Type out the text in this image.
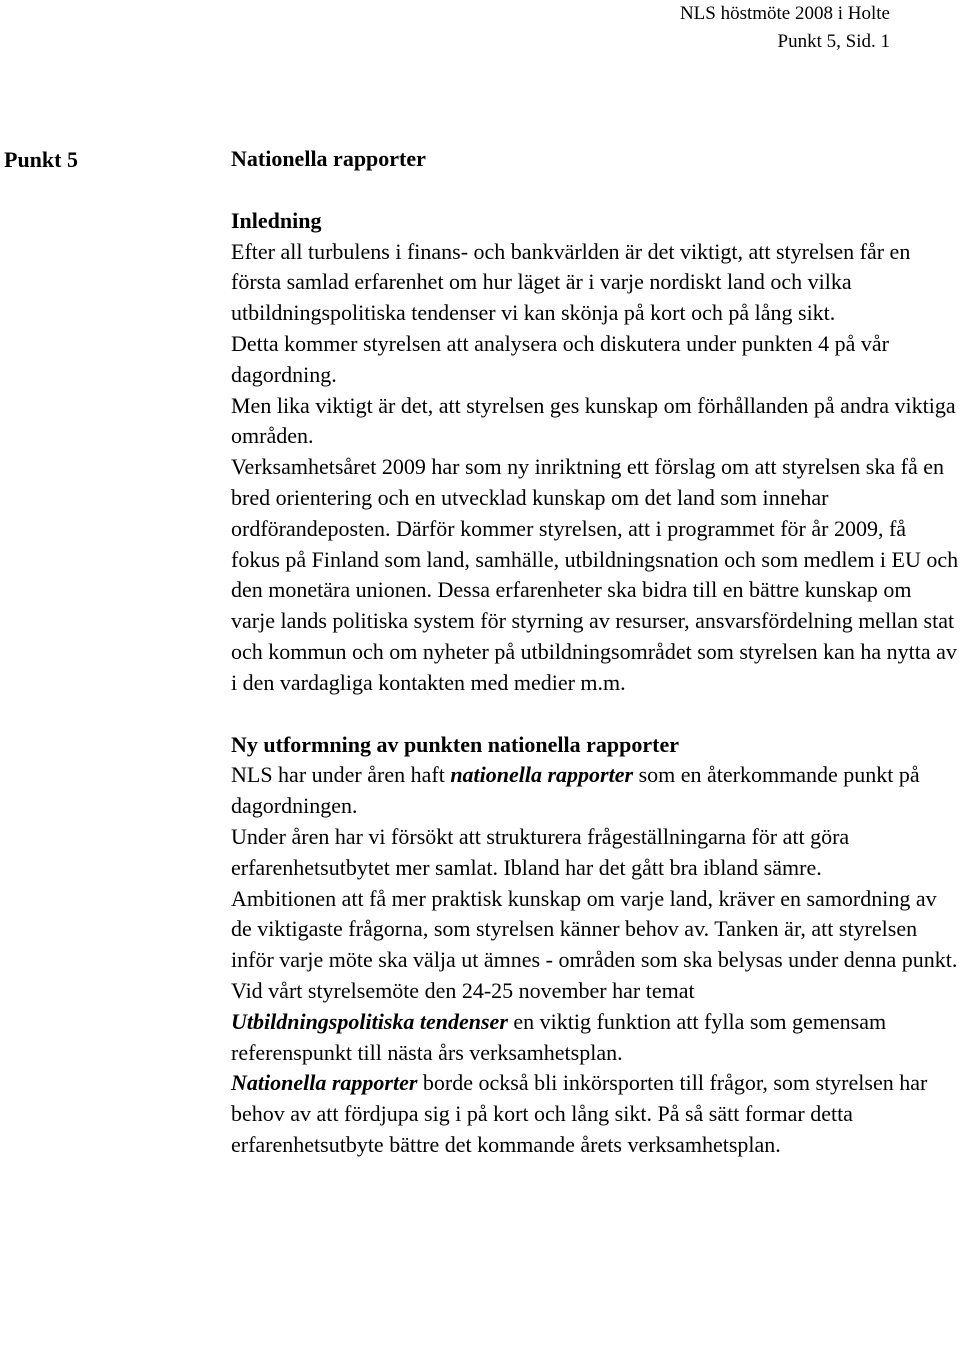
NLS höstmöte 2008 i Holte
Punkt 5, Sid. 1
Punkt 5	Nationella rapporter

Inledning

Efter all turbulens i finans- och bankvärlden är det viktigt, att styrelsen får en första samlad erfarenhet om hur läget är i varje nordiskt land och vilka utbildningspolitiska tendenser vi kan skönja på kort och på lång sikt.

Detta kommer styrelsen att analysera och diskutera under punkten 4 på vår dagordning.

Men lika viktigt är det, att styrelsen ges kunskap om förhållanden på andra viktiga områden.

Verksamhetsåret 2009 har som ny inriktning ett förslag om att styrelsen ska få en bred orientering och en utvecklad kunskap om det land som innehar ordförandeposten. Därför kommer styrelsen, att i programmet för år 2009, få fokus på Finland som land, samhälle, utbildningsnation och som medlem i EU och den monetära unionen. Dessa erfarenheter ska bidra till en bättre kunskap om varje lands politiska system för styrning av resurser, ansvarsfördelning mellan stat och kommun och om nyheter på utbildningsområdet som styrelsen kan ha nytta av i den vardagliga kontakten med medier m.m.

Ny utformning av punkten nationella rapporter

NLS har under åren haft nationella rapporter som en återkommande punkt på dagordningen.

Under åren har vi försökt att strukturera frågeställningarna för att göra erfarenhetsutbytet mer samlat. Ibland har det gått bra ibland sämre.

Ambitionen att få mer praktisk kunskap om varje land, kräver en samordning av de viktigaste frågorna, som styrelsen känner behov av. Tanken är, att styrelsen inför varje möte ska välja ut ämnes - områden som ska belysas under denna punkt.

Vid vårt styrelsemöte den 24-25 november har temat

Utbildningspolitiska tendenser en viktig funktion att fylla som gemensam referenspunkt till nästa års verksamhetsplan.

Nationella rapporter borde också bli inkörsporten till frågor, som styrelsen har behov av att fördjupa sig i på kort och lång sikt. På så sätt formar detta erfarenhetsutbyte bättre det kommande årets verksamhetsplan.
